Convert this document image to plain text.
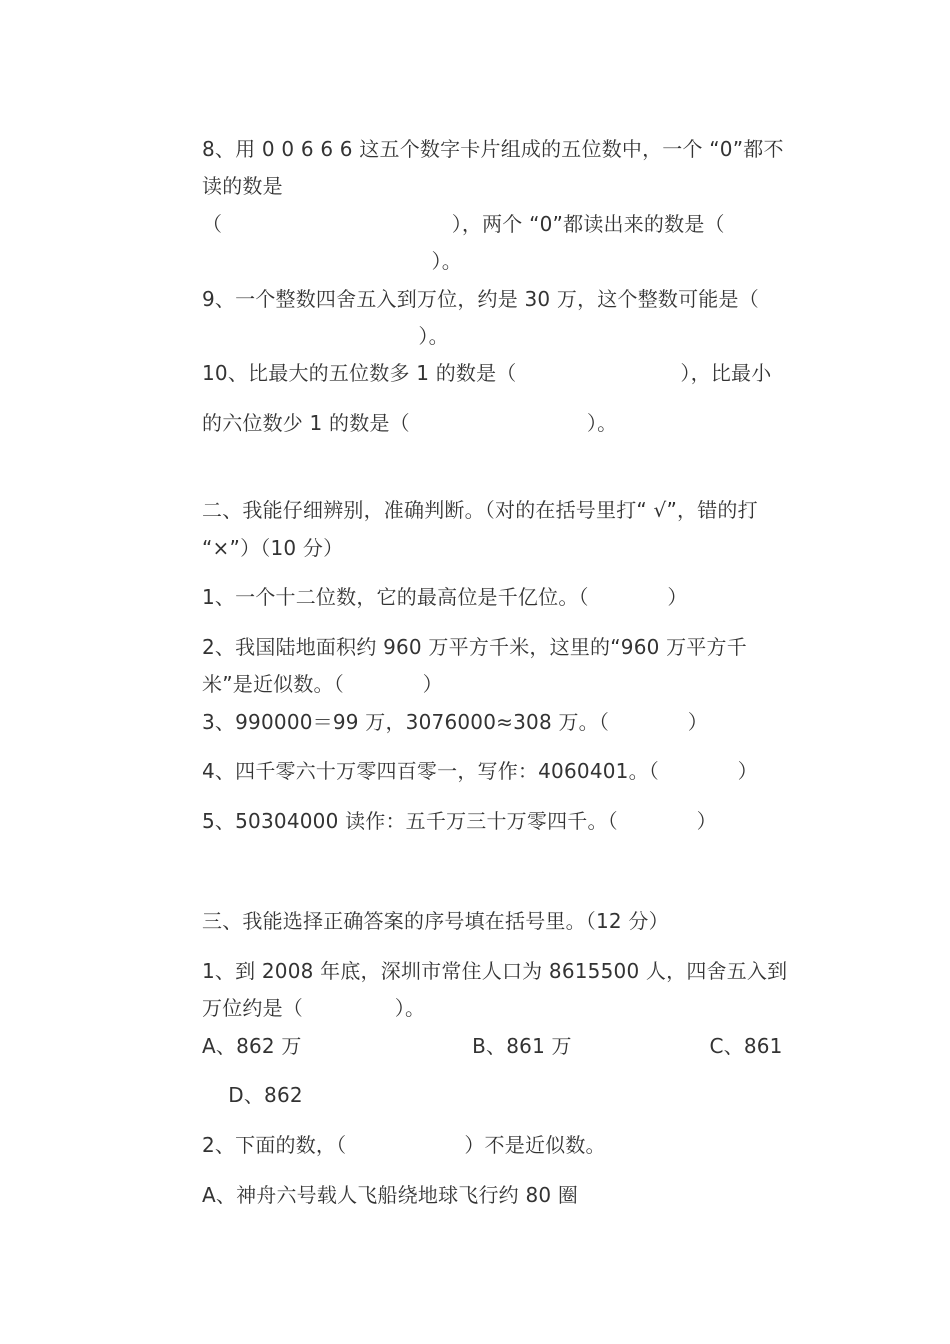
8、用 0 0 6 6 6 这五个数字卡片组成的五位数中，一个 “0”都不
读的数是
（                                   ），两个 “0”都读出来的数是（
）。
9、一个整数四舍五入到万位，约是 30 万，这个整数可能是（
）。
10、比最大的五位数多 1 的数是（                         ），比最小
的六位数少 1 的数是（                           ）。
二、我能仔细辨别，准确判断。（对的在括号里打“ √”，错的打
“×”）（10 分）
1、一个十二位数，它的最高位是千亿位。（            ）
2、我国陆地面积约 960 万平方千米，这里的“960 万平方千
米”是近似数。（            ）
3、990000＝99 万，3076000≈308 万。（            ）
4、四千零六十万零四百零一，写作：4060401。（            ）
5、50304000 读作：五千万三十万零四千。（            ）
三、我能选择正确答案的序号填在括号里。（12 分）
1、到 2008 年底，深圳市常住人口为 8615500 人，四舍五入到
万位约是（              ）。
A、862 万                          B、861 万                     C、861
D、862
2、下面的数，（                  ）不是近似数。
A、神舟六号载人飞船绕地球飞行约 80 圈
